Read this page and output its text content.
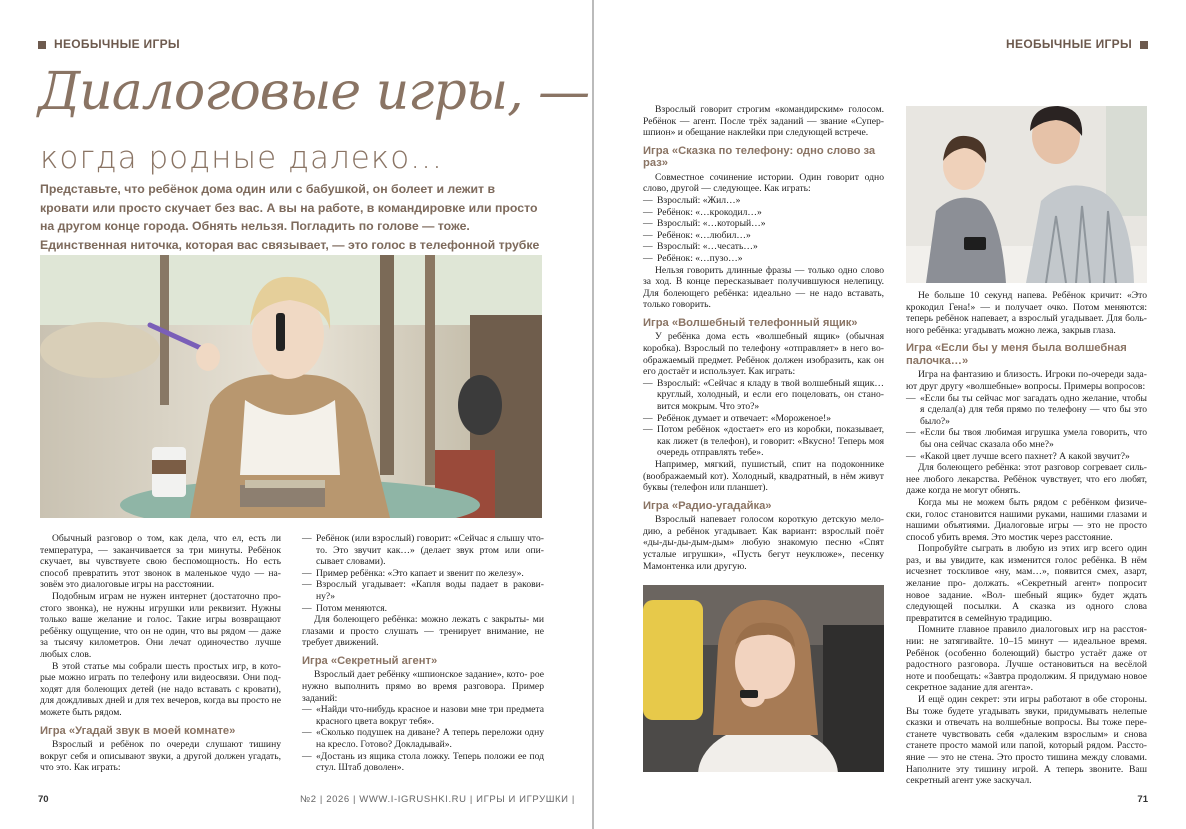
НЕОБЫЧНЫЕ ИГРЫ
Диалоговые игры, —
когда родные далеко...
Представьте, что ребёнок дома один или с бабушкой, он болеет и лежит в кровати или просто скучает без вас. А вы на работе, в командировке или просто на другом конце города. Обнять нельзя. Погладить по голове — тоже. Единственная ниточка, которая вас связывает, — это голос в телефонной трубке

Обычный разговор о том, как дела, что ел, есть ли температура, — заканчивается за три минуты. Ребёнок скучает, вы чувствуете свою беспомощность. Но есть способ превратить этот звонок в маленькое чудо — на- зовём это диалоговые игры на расстоянии.

Подобным играм не нужен интернет (достаточно про- стого звонка), не нужны игрушки или реквизит. Нужны только ваше желание и голос. Такие игры возвращают ребёнку ощущение, что он не один, что вы рядом — даже за тысячу километров. Они лечат одиночество лучше любых слов.

В этой статье мы собрали шесть простых игр, в кото- рые можно играть по телефону или видеосвязи. Они под- ходят для болеющих детей (не надо вставать с кровати), для дождливых дней и для тех вечеров, когда вы просто не можете быть рядом.

Игра «Угадай звук в моей комнате»

Взрослый и ребёнок по очереди слушают тишину вокруг себя и описывают звуки, а другой должен угадать, что это. Как играть:

— Ребёнок (или взрослый) говорит: «Сейчас я слышу что-то. Это звучит как…» (делает звук ртом или опи- сывает словами).
— Пример ребёнка: «Это капает и звенит по железу».
— Взрослый угадывает: «Капля воды падает в ракови- ну?»
— Потом меняются.

Для болеющего ребёнка: можно лежать с закрыты- ми глазами и просто слушать — тренирует внимание, не требует движений.

Игра «Секретный агент»

Взрослый дает ребёнку «шпионское задание», кото- рое нужно выполнить прямо во время разговора. Пример заданий:

— «Найди что-нибудь красное и назови мне три предмета красного цвета вокруг тебя».
— «Сколько подушек на диване? А теперь переложи одну на кресло. Готово? Докладывай».
— «Достань из ящика стола ложку. Теперь положи ее под стул. Штаб доволен».
70	№2 | 2026 | WWW.I-IGRUSHKI.RU | ИГРЫ И ИГРУШКИ |
НЕОБЫЧНЫЕ ИГРЫ

Взрослый говорит строгим «командирским» голосом. Ребёнок — агент. После трёх заданий — звание «Супер- шпион» и обещание наклейки при следующей встрече.

Игра «Сказка по телефону: одно слово за раз»

Совместное сочинение истории. Один говорит одно слово, другой — следующее. Как играть:

— Взрослый: «Жил…»
— Ребёнок: «…крокодил…»
— Взрослый: «…который…»
— Ребёнок: «…любил…»
— Взрослый: «…чесать…»
— Ребёнок: «…пузо…»

Нельзя говорить длинные фразы — только одно слово за ход. В конце пересказывает получившуюся нелепицу. Для болеющего ребёнка: идеально — не надо вставать, только говорить.

Игра «Волшебный телефонный ящик»

У ребёнка дома есть «волшебный ящик» (обычная коробка). Взрослый по телефону «отправляет» в него во- ображаемый предмет. Ребёнок должен изобразить, как он его достаёт и использует. Как играть:

— Взрослый: «Сейчас я кладу в твой волшебный ящик… круглый, холодный, и если его поцеловать, он стано- вится мокрым. Что это?»
— Ребёнок думает и отвечает: «Мороженое!»
— Потом ребёнок «достает» его из коробки, показывает, как лижет (в телефон), и говорит: «Вкусно! Теперь моя очередь отправлять тебе».

Например, мягкий, пушистый, спит на подоконнике (воображаемый кот). Холодный, квадратный, в нём живут буквы (телефон или планшет).

Игра «Радио-угадайка»

Взрослый напевает голосом короткую детскую мело- дию, а ребёнок угадывает. Как вариант: взрослый поёт «ды-ды-ды-дым-дым» любую знакомую песню «Спят усталые игрушки», «Пусть бегут неуклюже», песенку Мамонтенка или другую.

Не больше 10 секунд напева. Ребёнок кричит: «Это крокодил Гена!» — и получает очко. Потом меняются: теперь ребёнок напевает, а взрослый угадывает. Для боль- ного ребёнка: угадывать можно лежа, закрыв глаза.

Игра «Если бы у меня была волшебная палочка…»

Игра на фантазию и близость. Игроки по-очереди зада- ют друг другу «волшебные» вопросы. Примеры вопросов:

— «Если бы ты сейчас мог загадать одно желание, чтобы я сделал(а) для тебя прямо по телефону — что бы это было?»
— «Если бы твоя любимая игрушка умела говорить, что бы она сейчас сказала обо мне?»
— «Какой цвет лучше всего пахнет? А какой звучит?»

Для болеющего ребёнка: этот разговор согревает силь- нее любого лекарства. Ребёнок чувствует, что его любят, даже когда не могут обнять.

Когда мы не можем быть рядом с ребёнком физиче- ски, голос становится нашими руками, нашими глазами и нашими объятиями. Диалоговые игры — это не просто способ убить время. Это мостик через расстояние.

Попробуйте сыграть в любую из этих игр всего один раз, и вы увидите, как изменится голос ребёнка. В нём исчезнет тоскливое «ну, мам…», появится смех, азарт, желание про- должать. «Секретный агент» попросит новое задание. «Вол- шебный ящик» будет ждать следующей посылки. А сказка из одного слова превратится в семейную традицию.

Помните главное правило диалоговых игр на расстоя- нии: не затягивайте. 10–15 минут — идеальное время. Ребёнок (особенно болеющий) быстро устаёт даже от радостного разговора. Лучше остановиться на весёлой ноте и пообещать: «Завтра продолжим. Я придумаю новое секретное задание для агента».

И ещё один секрет: эти игры работают в обе стороны. Вы тоже будете угадывать звуки, придумывать нелепые сказки и отвечать на волшебные вопросы. Вы тоже пере- станете чувствовать себя «далеким взрослым» и снова станете просто мамой или папой, который рядом. Рассто- яние — это не стена. Это просто тишина между словами. Наполните эту тишину игрой. А теперь звоните. Ваш секретный агент уже заскучал.

71
